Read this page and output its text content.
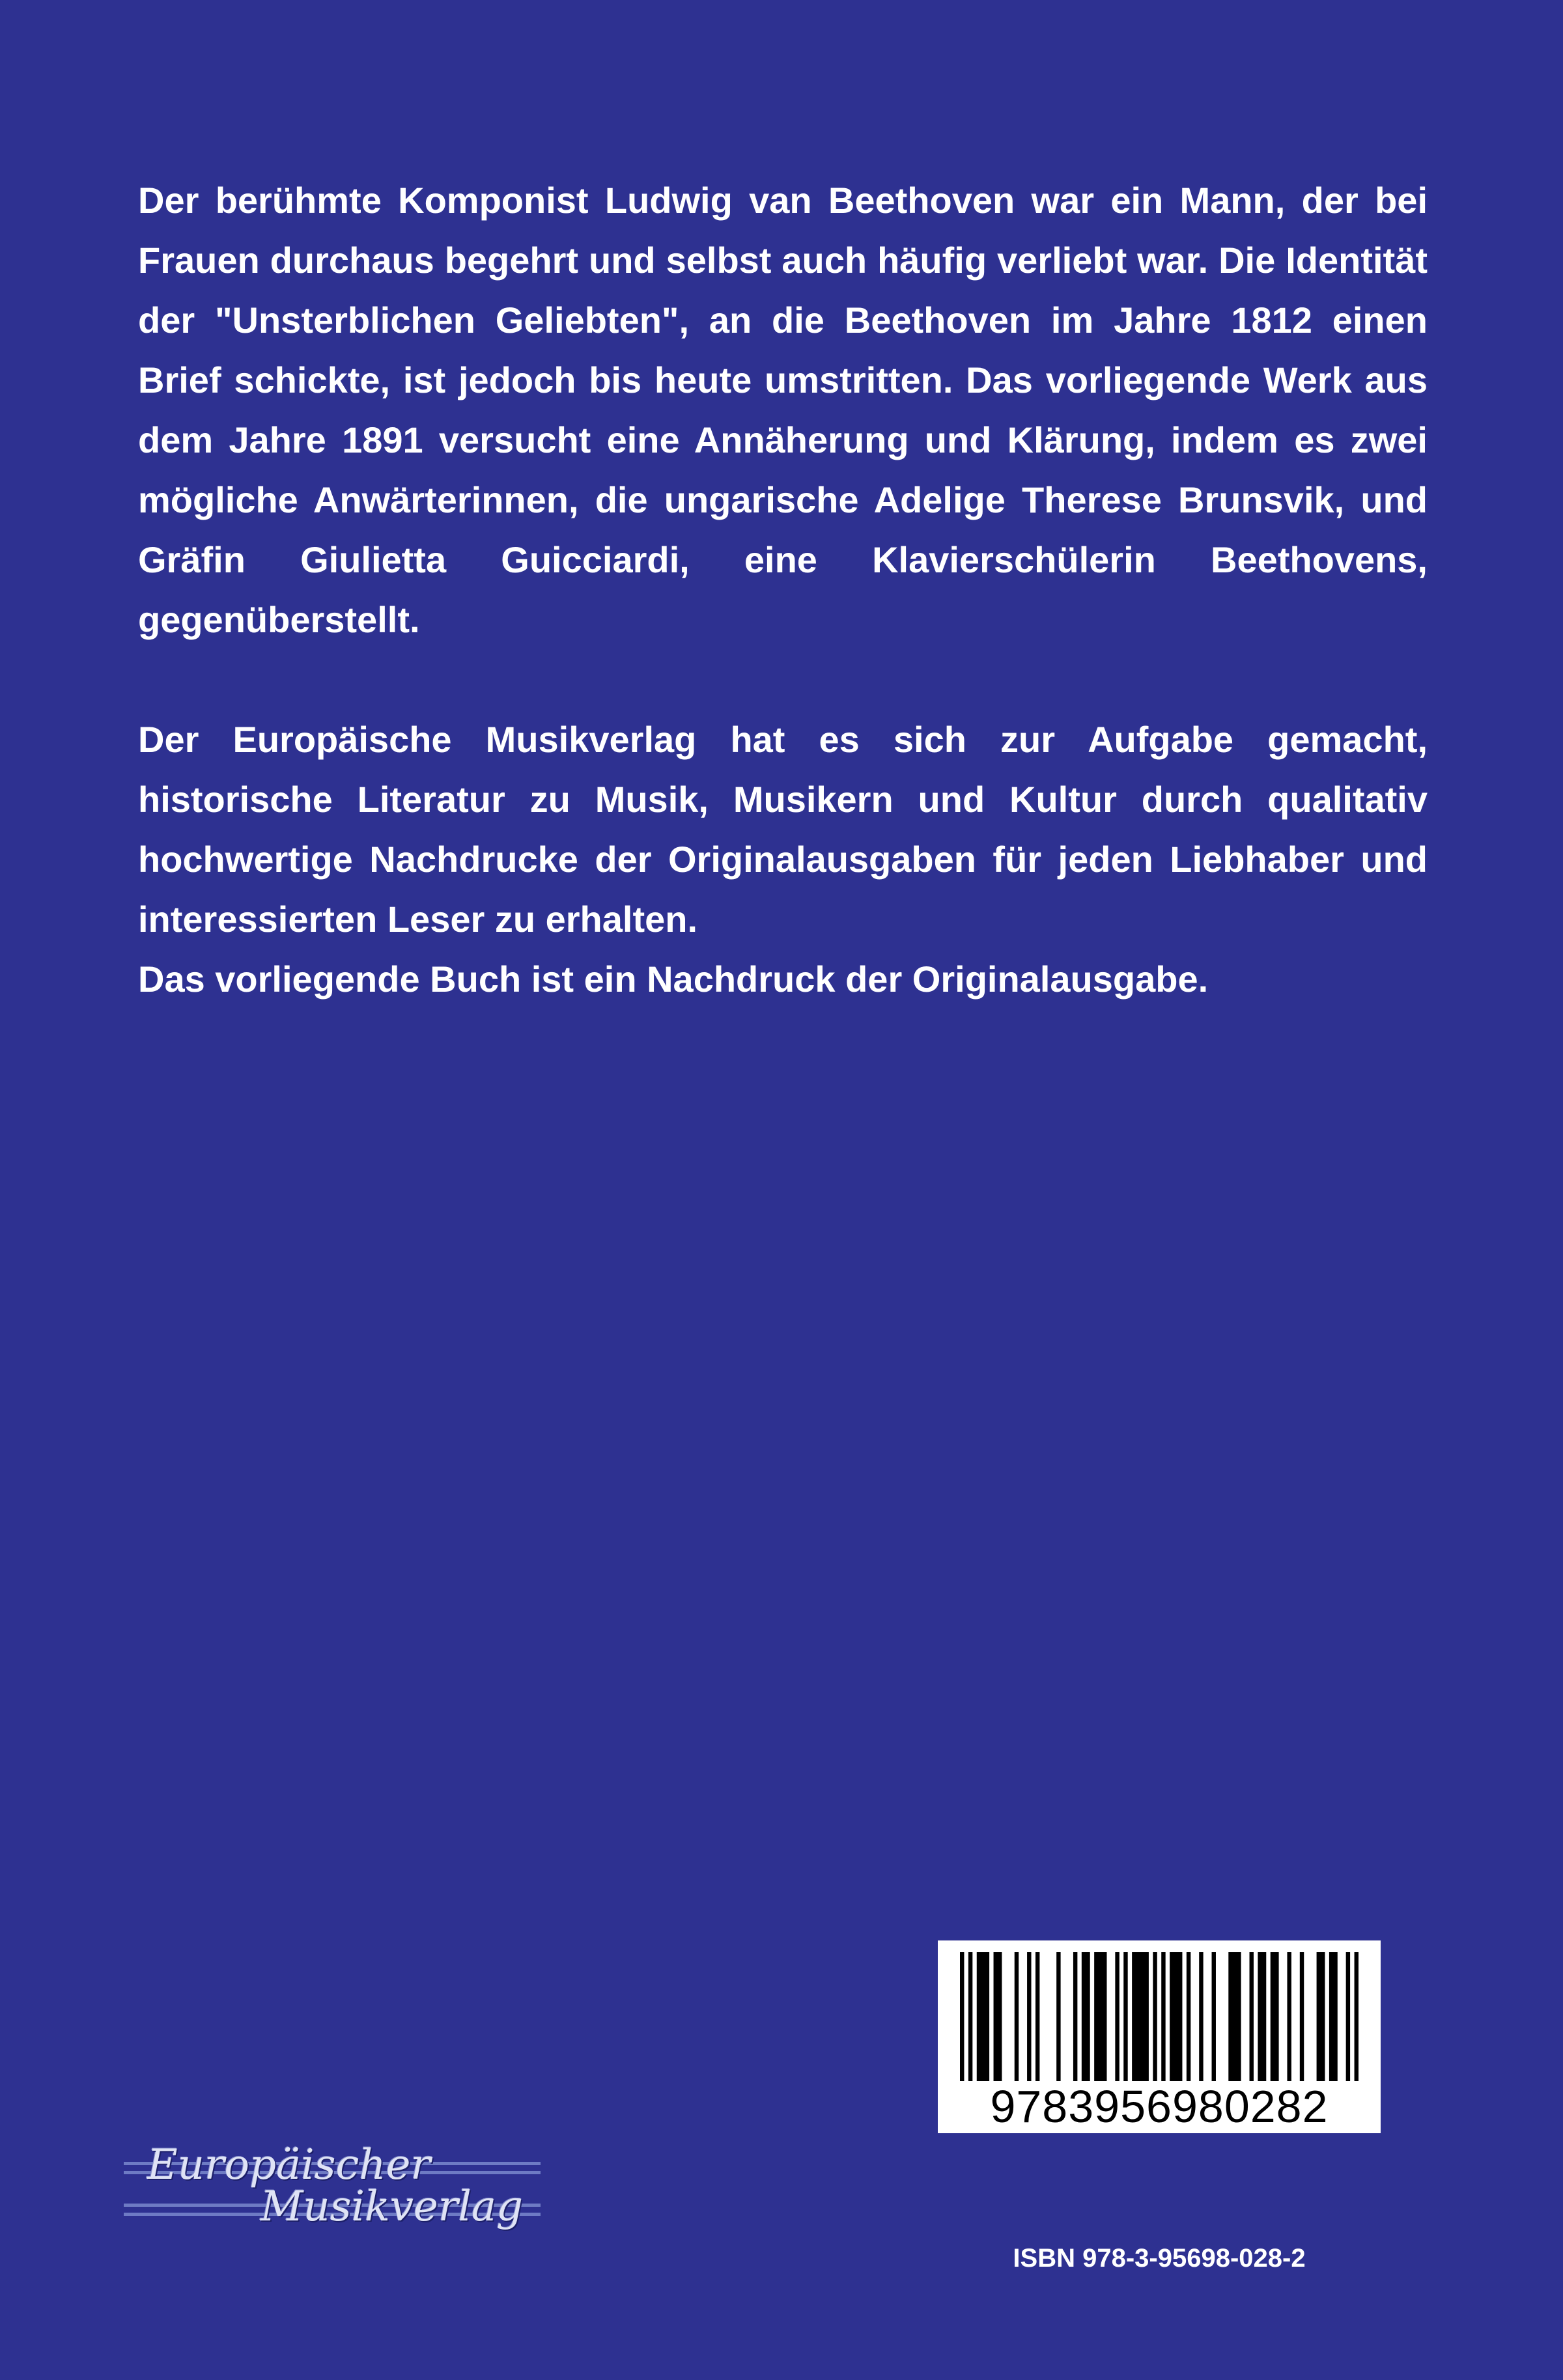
Der berühmte Komponist Ludwig van Beethoven war ein Mann, der bei Frauen durchaus begehrt und selbst auch häufig verliebt war. Die Identität der "Unsterblichen Geliebten", an die Beethoven im Jahre 1812 einen Brief schickte, ist jedoch bis heute umstritten. Das vorliegende Werk aus dem Jahre 1891 versucht eine Annäherung und Klärung, indem es zwei mögliche Anwärterinnen, die ungarische Adelige Therese Brunsvik, und Gräfin Giulietta Guicciardi, eine Klavierschülerin Beethovens, gegenüberstellt.

Der Europäische Musikverlag hat es sich zur Aufgabe gemacht, historische Literatur zu Musik, Musikern und Kultur durch qualitativ hochwertige Nachdrucke der Originalausgaben für jeden Liebhaber und interessierten Leser zu erhalten.

Das vorliegende Buch ist ein Nachdruck der Originalausgabe.

Europäischer
Musikverlag
9783956980282
ISBN 978-3-95698-028-2
